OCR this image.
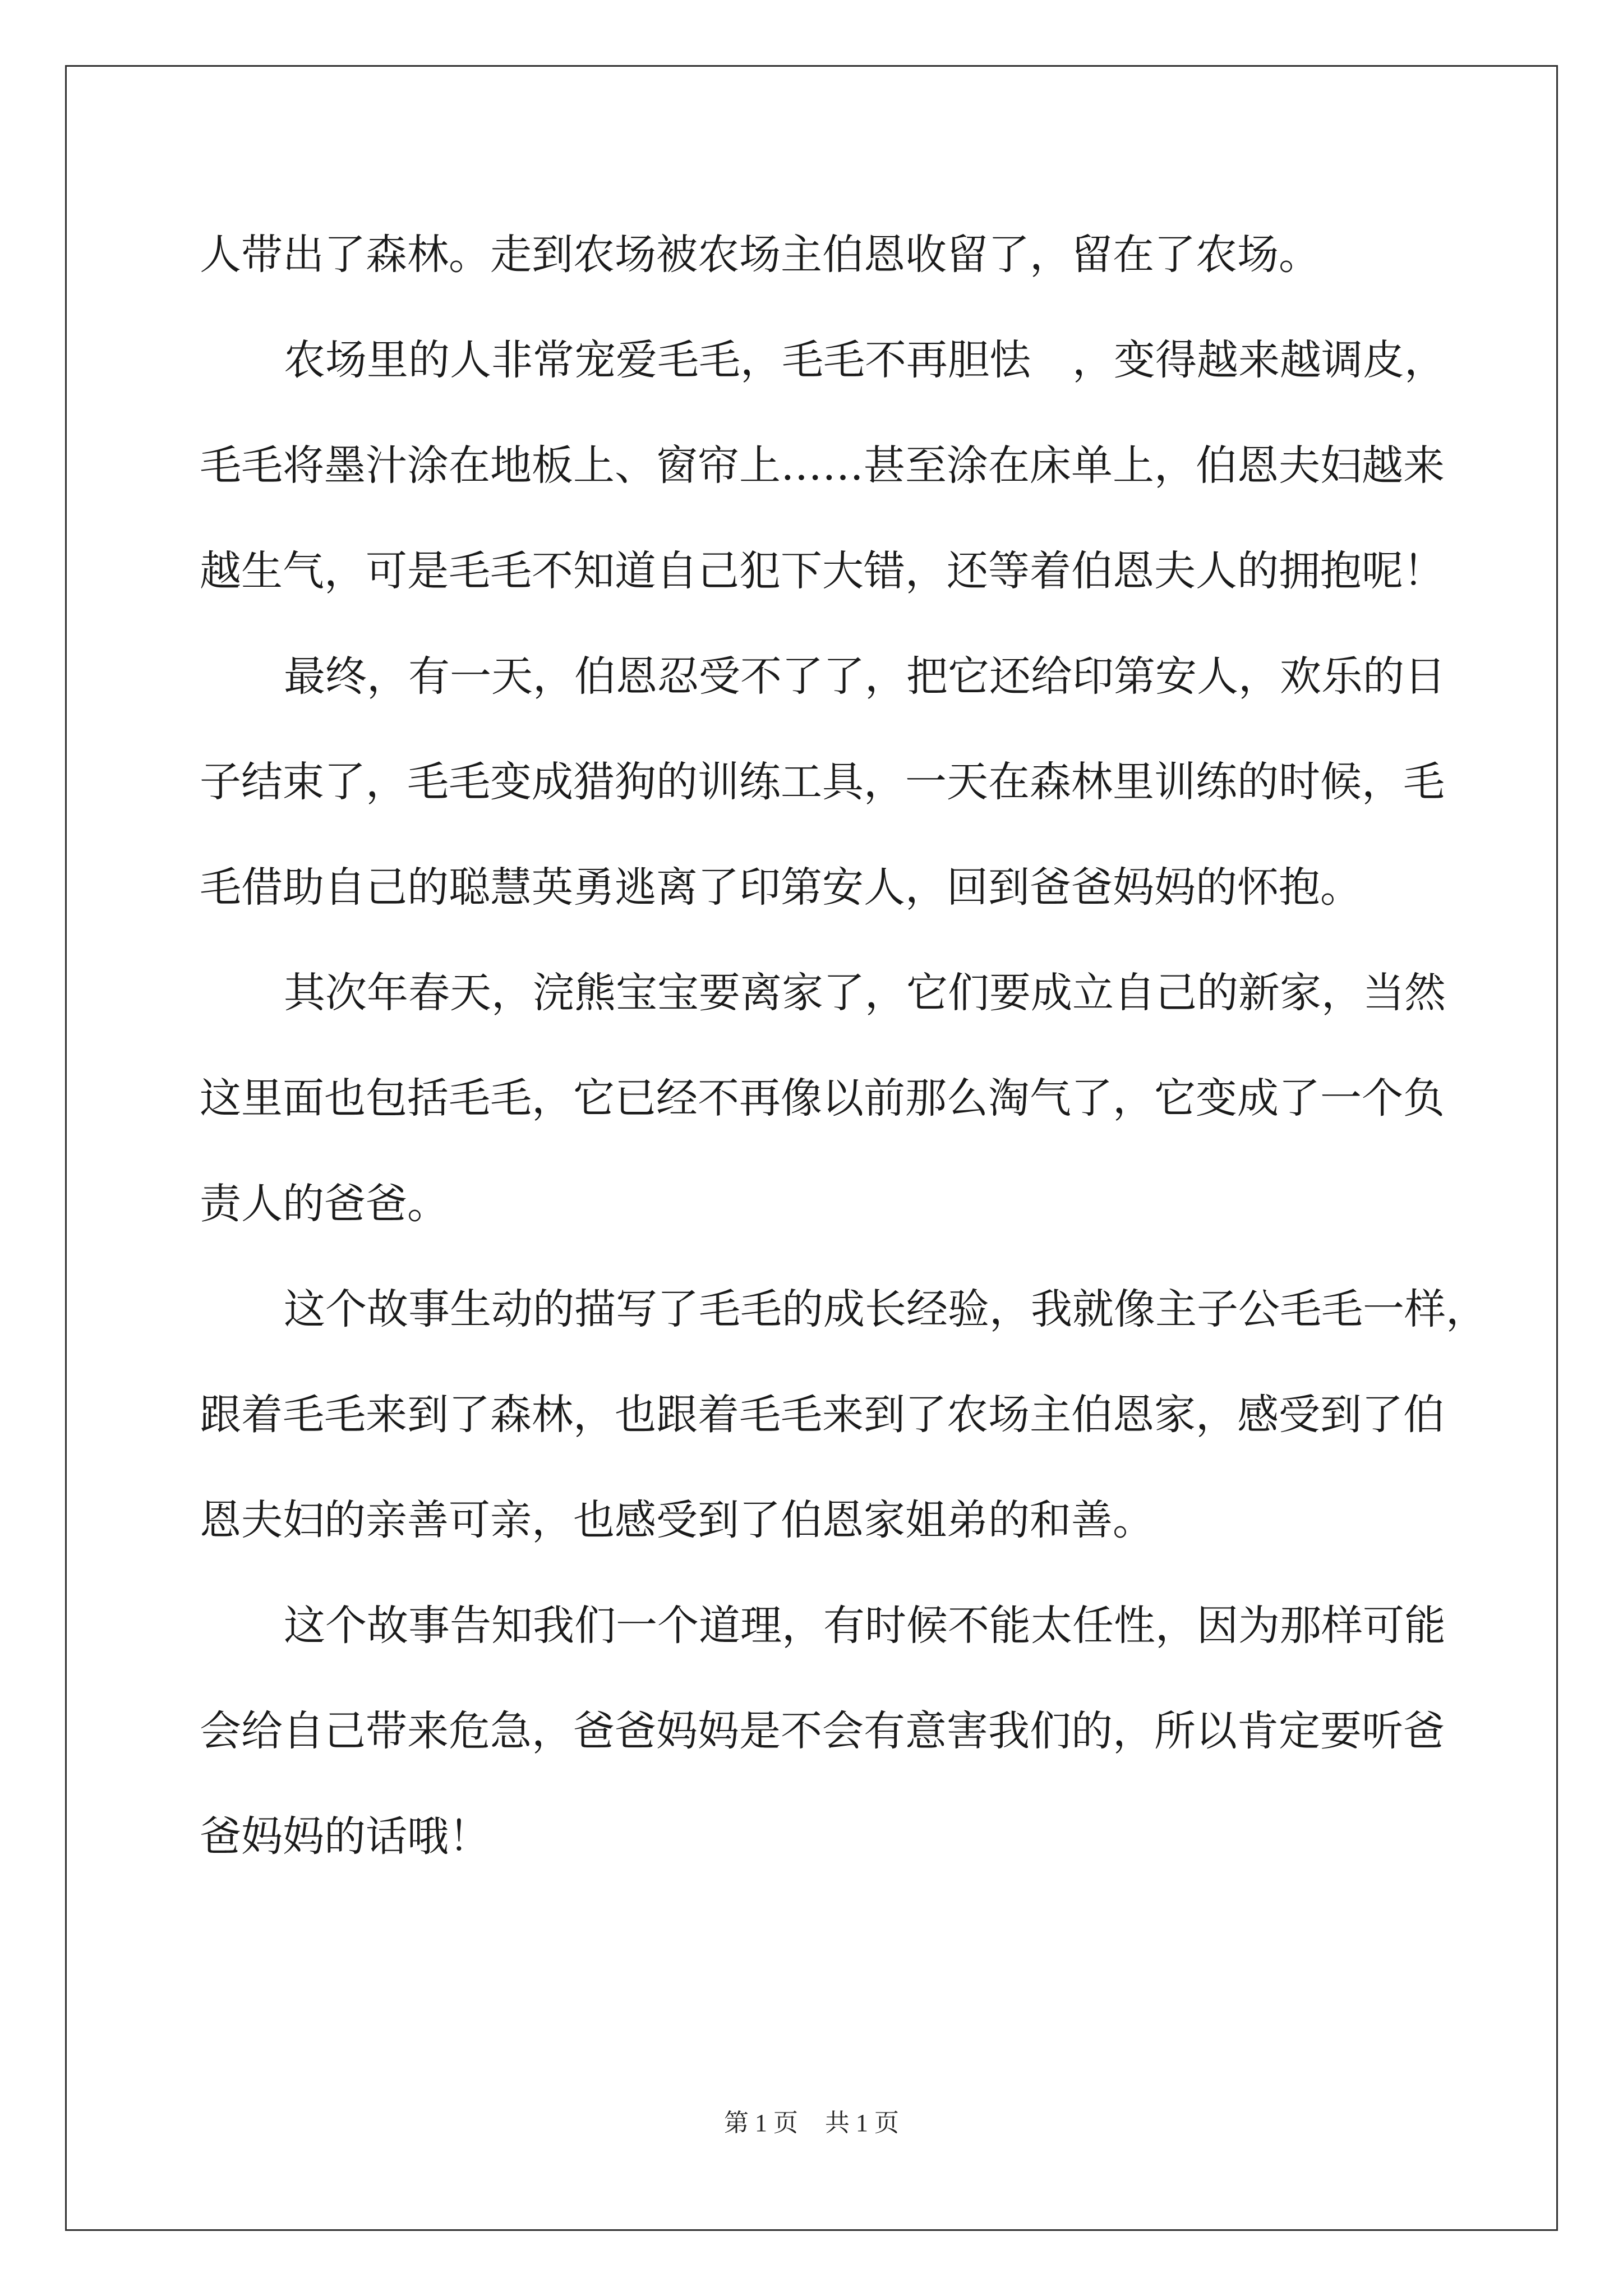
人带出了森林。走到农场被农场主伯恩收留了，留在了农场。
农场里的人非常宠爱毛毛，毛毛不再胆怯　，变得越来越调皮，
毛毛将墨汁涂在地板上、窗帘上……甚至涂在床单上，伯恩夫妇越来
越生气，可是毛毛不知道自己犯下大错，还等着伯恩夫人的拥抱呢！
最终，有一天，伯恩忍受不了了，把它还给印第安人，欢乐的日
子结束了，毛毛变成猎狗的训练工具，一天在森林里训练的时候，毛
毛借助自己的聪慧英勇逃离了印第安人，回到爸爸妈妈的怀抱。
其次年春天，浣熊宝宝要离家了，它们要成立自己的新家，当然
这里面也包括毛毛，它已经不再像以前那么淘气了，它变成了一个负
责人的爸爸。
这个故事生动的描写了毛毛的成长经验，我就像主子公毛毛一样，
跟着毛毛来到了森林，也跟着毛毛来到了农场主伯恩家，感受到了伯
恩夫妇的亲善可亲，也感受到了伯恩家姐弟的和善。
这个故事告知我们一个道理，有时候不能太任性，因为那样可能
会给自己带来危急，爸爸妈妈是不会有意害我们的，所以肯定要听爸
爸妈妈的话哦！
第 1 页 共 1 页
